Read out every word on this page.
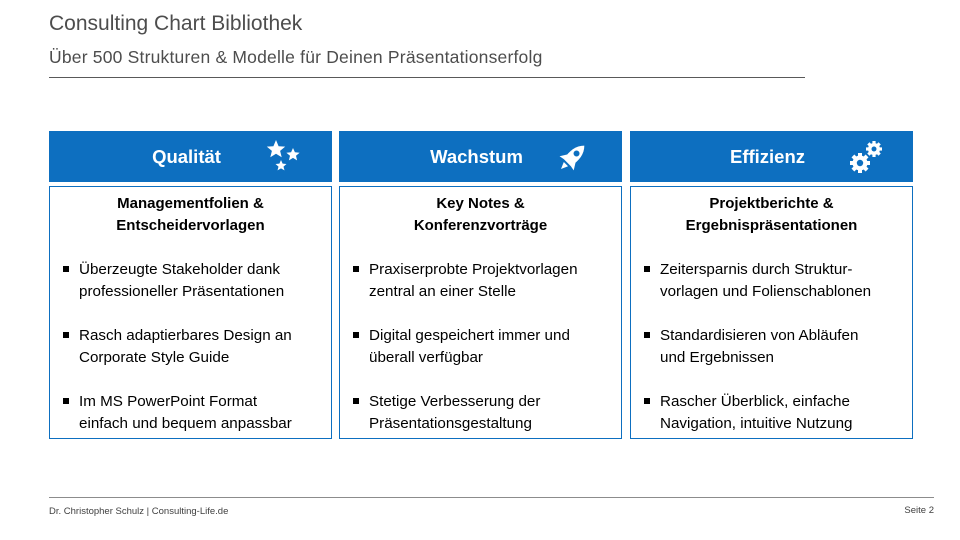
Consulting Chart Bibliothek
Über 500 Strukturen & Modelle für Deinen Präsentationserfolg
Qualität
Managementfolien &
Entscheidervorlagen
Überzeugte Stakeholder dank
professioneller Präsentationen
Rasch adaptierbares Design an
Corporate Style Guide
Im MS PowerPoint Format
einfach und bequem anpassbar
Wachstum
Key Notes &
Konferenzvorträge
Praxiserprobte Projektvorlagen
zentral an einer Stelle
Digital gespeichert immer und
überall verfügbar
Stetige Verbesserung der
Präsentationsgestaltung
Effizienz
Projektberichte &
Ergebnispräsentationen
Zeitersparnis durch Struktur-
vorlagen und Folienschablonen
Standardisieren von Abläufen
und Ergebnissen
Rascher Überblick, einfache
Navigation, intuitive Nutzung
Dr. Christopher Schulz | Consulting-Life.de	Seite 2
